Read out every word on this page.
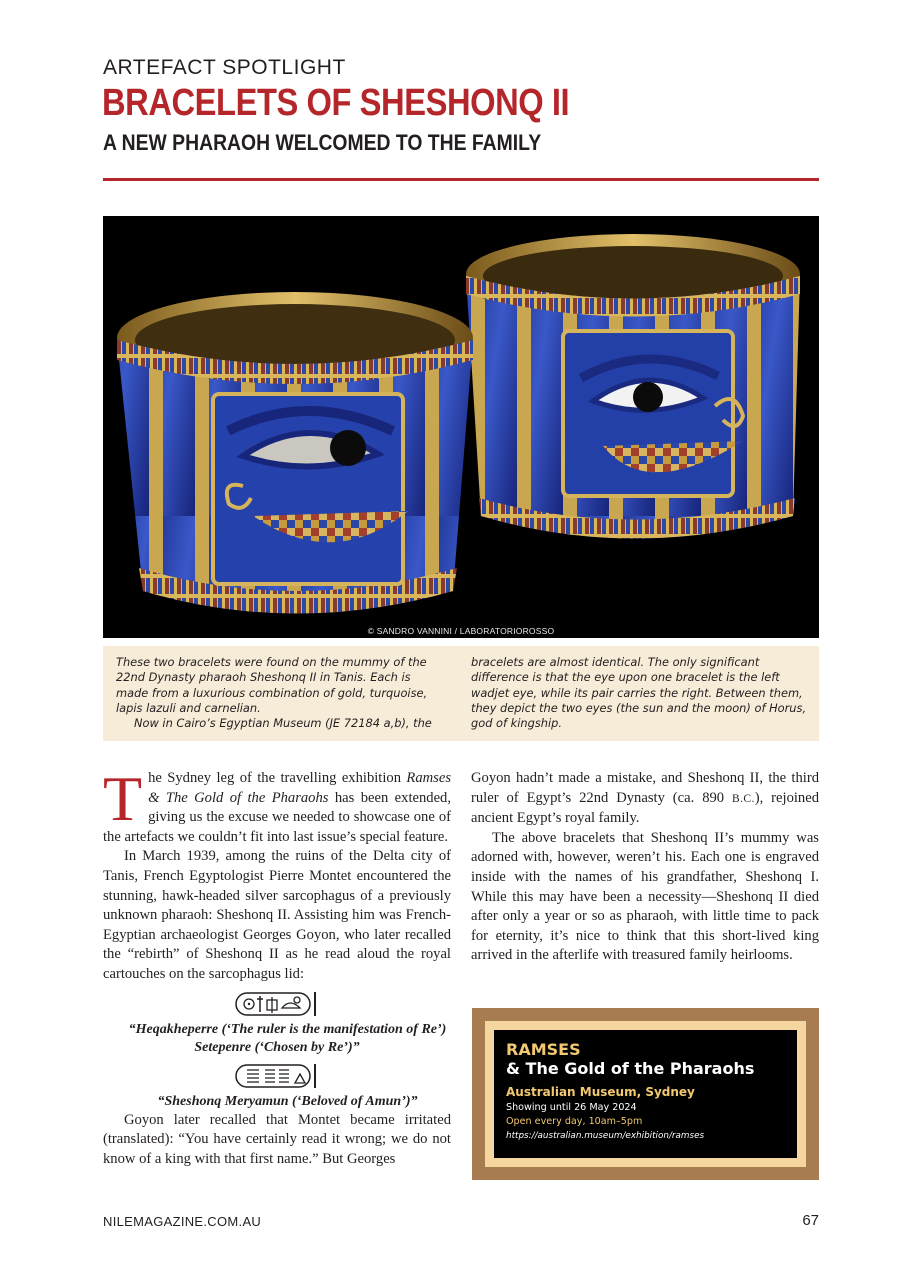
ARTEFACT SPOTLIGHT
BRACELETS OF SHESHONQ II
A NEW PHARAOH WELCOMED TO THE FAMILY
© SANDRO VANNINI / LABORATORIOROSSO

These two bracelets were found on the mummy of the 22nd Dynasty pharaoh Sheshonq II in Tanis. Each is made from a luxurious combination of gold, turquoise, lapis lazuli and carnelian.

Now in Cairo’s Egyptian Museum (JE 72184 a,b), the

bracelets are almost identical. The only significant difference is that the eye upon one bracelet is the left wadjet eye, while its pair carries the right. Between them, they depict the two eyes (the sun and the moon) of Horus, god of kingship.

The Sydney leg of the travelling exhibition Ramses & The Gold of the Pharaohs has been extended, giving us the excuse we needed to showcase one of the artefacts we couldn’t fit into last issue’s special feature.

In March 1939, among the ruins of the Delta city of Tanis, French Egyptologist Pierre Montet encountered the stunning, hawk-headed silver sarcophagus of a previously unknown pharaoh: Sheshonq II. Assisting him was French-Egyptian archaeologist Georges Goyon, who later recalled the “rebirth” of Sheshonq II as he read aloud the royal cartouches on the sarcophagus lid:

“Heqakheperre (‘The ruler is the manifestation of Re’) Setepenre (‘Chosen by Re’)”

“Sheshonq Meryamun (‘Beloved of Amun’)”

Goyon later recalled that Montet became irritated (translated): “You have certainly read it wrong; we do not know of a king with that first name.” But Georges

Goyon hadn’t made a mistake, and Sheshonq II, the third ruler of Egypt’s 22nd Dynasty (ca. 890 B.C.), rejoined ancient Egypt’s royal family.

The above bracelets that Sheshonq II’s mummy was adorned with, however, weren’t his. Each one is engraved inside with the names of his grandfather, Sheshonq I. While this may have been a necessity—Sheshonq II died after only a year or so as pharaoh, with little time to pack for eternity, it’s nice to think that this short-lived king arrived in the afterlife with treasured family heirlooms.

RAMSES
& The Gold of the Pharaohs
Australian Museum, Sydney
Showing until 26 May 2024
Open every day, 10am–5pm
https://australian.museum/exhibition/ramses
NILEMAGAZINE.COM.AU	67
